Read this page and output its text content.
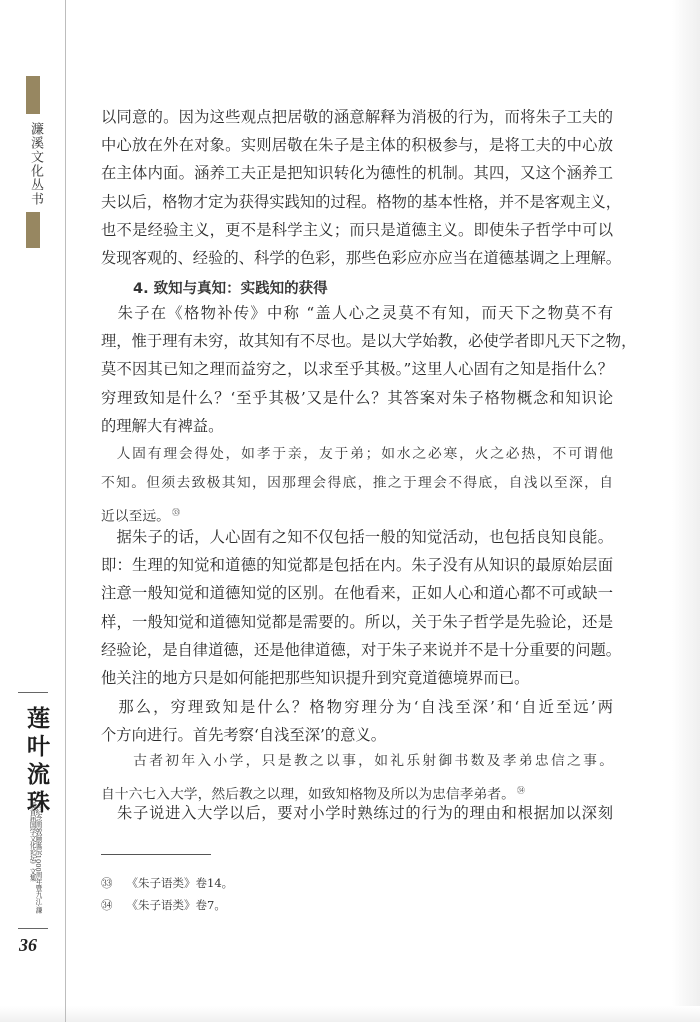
濂溪文化丛书
莲叶流珠
《纪念周敦颐诞辰1000周年暨九江·濂溪首届国学文化论坛》文集
36
以同意的。因为这些观点把居敬的涵意解释为消极的行为，而将朱子工夫的
中心放在外在对象。实则居敬在朱子是主体的积极参与，是将工夫的中心放
在主体内面。涵养工夫正是把知识转化为德性的机制。其四，又这个涵养工
夫以后，格物才定为获得实践知的过程。格物的基本性格，并不是客观主义，
也不是经验主义，更不是科学主义；而只是道德主义。即使朱子哲学中可以
发现客观的、经验的、科学的色彩，那些色彩应亦应当在道德基调之上理解。
4. 致知与真知：实践知的获得
　朱子在《格物补传》中称 “盖人心之灵莫不有知，而天下之物莫不有
理，惟于理有未穷，故其知有不尽也。是以大学始教，必使学者即凡天下之物，
莫不因其已知之理而益穷之，以求至乎其极。”这里人心固有之知是指什么？
穷理致知是什么？‘至乎其极’又是什么？其答案对朱子格物概念和知识论
的理解大有裨益。
　人固有理会得处，如孝于亲，友于弟；如水之必寒，火之必热，不可谓他
不知。但须去致极其知，因那理会得底，推之于理会不得底，自浅以至深，自
近以至远。 $^㉝$
　据朱子的话，人心固有之知不仅包括一般的知觉活动，也包括良知良能。
即：生理的知觉和道德的知觉都是包括在内。朱子没有从知识的最原始层面
注意一般知觉和道德知觉的区别。在他看来，正如人心和道心都不可或缺一
样，一般知觉和道德知觉都是需要的。所以，关于朱子哲学是先验论，还是
经验论，是自律道德，还是他律道德，对于朱子来说并不是十分重要的问题。
他关注的地方只是如何能把那些知识提升到究竟道德境界而已。
　那么，穷理致知是什么？格物穷理分为‘自浅至深’和‘自近至远’两
个方向进行。首先考察‘自浅至深’的意义。
　　古者初年入小学，只是教之以事，如礼乐射御书数及孝弟忠信之事。
自十六七入大学，然后教之以理，如致知格物及所以为忠信孝弟者。 $^㉞$
　朱子说进入大学以后，要对小学时熟练过的行为的理由和根据加以深刻
㉝ 《朱子语类》卷14。
㉞ 《朱子语类》卷7。
